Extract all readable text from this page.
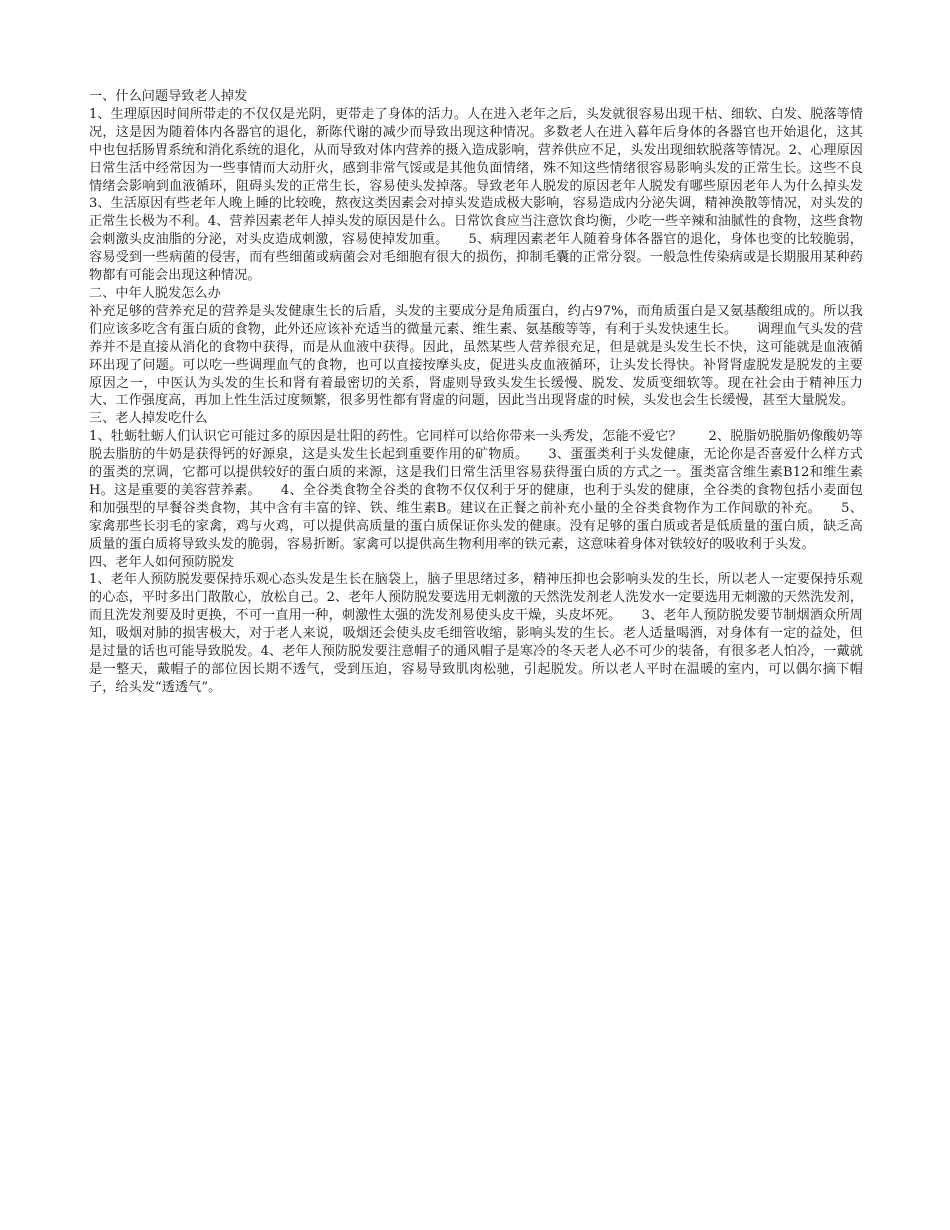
一、什么问题导致老人掉发

1、生理原因时间所带走的不仅仅是光阴，更带走了身体的活力。人在进入老年之后，头发就很容易出现干枯、细软、白发、脱落等情况，这是因为随着体内各器官的退化，新陈代谢的减少而导致出现这种情况。多数老人在进入暮年后身体的各器官也开始退化，这其中也包括肠胃系统和消化系统的退化，从而导致对体内营养的摄入造成影响，营养供应不足，头发出现细软脱落等情况。2、心理原因日常生活中经常因为一些事情而大动肝火，感到非常气馁或是其他负面情绪，殊不知这些情绪很容易影响头发的正常生长。这些不良情绪会影响到血液循环，阻碍头发的正常生长，容易使头发掉落。导致老年人脱发的原因老年人脱发有哪些原因老年人为什么掉头发3、生活原因有些老年人晚上睡的比较晚，熬夜这类因素会对掉头发造成极大影响，容易造成内分泌失调，精神涣散等情况，对头发的正常生长极为不利。4、营养因素老年人掉头发的原因是什么。日常饮食应当注意饮食均衡，少吃一些辛辣和油腻性的食物，这些食物会刺激头皮油脂的分泌，对头皮造成刺激，容易使掉发加重。　　5、病理因素老年人随着身体各器官的退化，身体也变的比较脆弱，容易受到一些病菌的侵害，而有些细菌或病菌会对毛细胞有很大的损伤，抑制毛囊的正常分裂。一般急性传染病或是长期服用某种药物都有可能会出现这种情况。

二、中年人脱发怎么办

补充足够的营养充足的营养是头发健康生长的后盾，头发的主要成分是角质蛋白，约占97%，而角质蛋白是又氨基酸组成的。所以我们应该多吃含有蛋白质的食物，此外还应该补充适当的微量元素、维生素、氨基酸等等，有利于头发快速生长。　　调理血气头发的营养并不是直接从消化的食物中获得，而是从血液中获得。因此，虽然某些人营养很充足，但是就是头发生长不快，这可能就是血液循环出现了问题。可以吃一些调理血气的食物，也可以直接按摩头皮，促进头皮血液循环，让头发长得快。补肾肾虚脱发是脱发的主要原因之一，中医认为头发的生长和肾有着最密切的关系，肾虚则导致头发生长缓慢、脱发、发质变细软等。现在社会由于精神压力大、工作强度高，再加上性生活过度频繁，很多男性都有肾虚的问题，因此当出现肾虚的时候，头发也会生长缓慢，甚至大量脱发。

三、老人掉发吃什么

1、牡蛎牡蛎人们认识它可能过多的原因是壮阳的药性。它同样可以给你带来一头秀发，怎能不爱它？　　2、脱脂奶脱脂奶像酸奶等脱去脂肪的牛奶是获得钙的好源泉，这是头发生长起到重要作用的矿物质。　　3、蛋蛋类利于头发健康，无论你是否喜爱什么样方式的蛋类的烹调，它都可以提供较好的蛋白质的来源，这是我们日常生活里容易获得蛋白质的方式之一。蛋类富含维生素B12和维生素H。这是重要的美容营养素。　　4、全谷类食物全谷类的食物不仅仅利于牙的健康，也利于头发的健康，全谷类的食物包括小麦面包和加强型的早餐谷类食物，其中含有丰富的锌、铁、维生素B。建议在正餐之前补充小量的全谷类食物作为工作间歇的补充。　　5、家禽那些长羽毛的家禽，鸡与火鸡，可以提供高质量的蛋白质保证你头发的健康。没有足够的蛋白质或者是低质量的蛋白质，缺乏高质量的蛋白质将导致头发的脆弱，容易折断。家禽可以提供高生物利用率的铁元素，这意味着身体对铁较好的吸收利于头发。

四、老年人如何预防脱发

1、老年人预防脱发要保持乐观心态头发是生长在脑袋上，脑子里思绪过多，精神压抑也会影响头发的生长，所以老人一定要保持乐观的心态，平时多出门散散心，放松自己。2、老年人预防脱发要选用无刺激的天然洗发剂老人洗发水一定要选用无刺激的天然洗发剂，而且洗发剂要及时更换，不可一直用一种，刺激性太强的洗发剂易使头皮干燥，头皮坏死。　　3、老年人预防脱发要节制烟酒众所周知，吸烟对肺的损害极大，对于老人来说，吸烟还会使头皮毛细管收缩，影响头发的生长。老人适量喝酒，对身体有一定的益处，但是过量的话也可能导致脱发。4、老年人预防脱发要注意帽子的通风帽子是寒冷的冬天老人必不可少的装备，有很多老人怕冷，一戴就是一整天，戴帽子的部位因长期不透气，受到压迫，容易导致肌肉松驰，引起脱发。所以老人平时在温暖的室内，可以偶尔摘下帽子，给头发“透透气”。
